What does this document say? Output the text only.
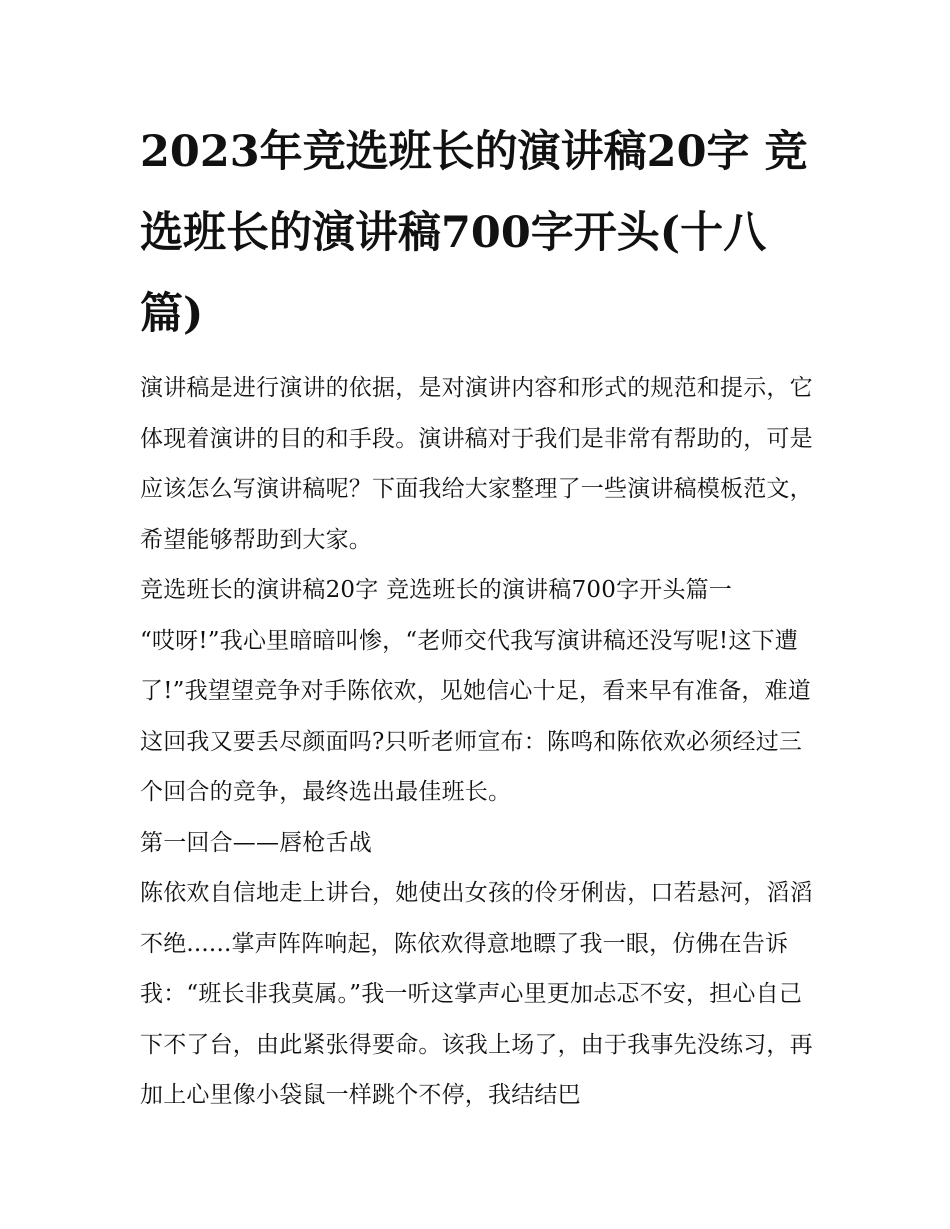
2023年竞选班长的演讲稿20字 竞选班长的演讲稿700字开头(十八篇)

演讲稿是进行演讲的依据，是对演讲内容和形式的规范和提示，它体现着演讲的目的和手段。演讲稿对于我们是非常有帮助的，可是应该怎么写演讲稿呢？下面我给大家整理了一些演讲稿模板范文，希望能够帮助到大家。

竞选班长的演讲稿20字 竞选班长的演讲稿700字开头篇一

“哎呀!”我心里暗暗叫惨，“老师交代我写演讲稿还没写呢!这下遭了!”我望望竞争对手陈依欢，见她信心十足，看来早有准备，难道这回我又要丢尽颜面吗?只听老师宣布：陈鸣和陈依欢必须经过三个回合的竞争，最终选出最佳班长。

第一回合——唇枪舌战

陈依欢自信地走上讲台，她使出女孩的伶牙俐齿，口若悬河，滔滔不绝......掌声阵阵响起，陈依欢得意地瞟了我一眼，仿佛在告诉我：“班长非我莫属。”我一听这掌声心里更加忐忑不安，担心自己下不了台，由此紧张得要命。该我上场了，由于我事先没练习，再加上心里像小袋鼠一样跳个不停，我结结巴
